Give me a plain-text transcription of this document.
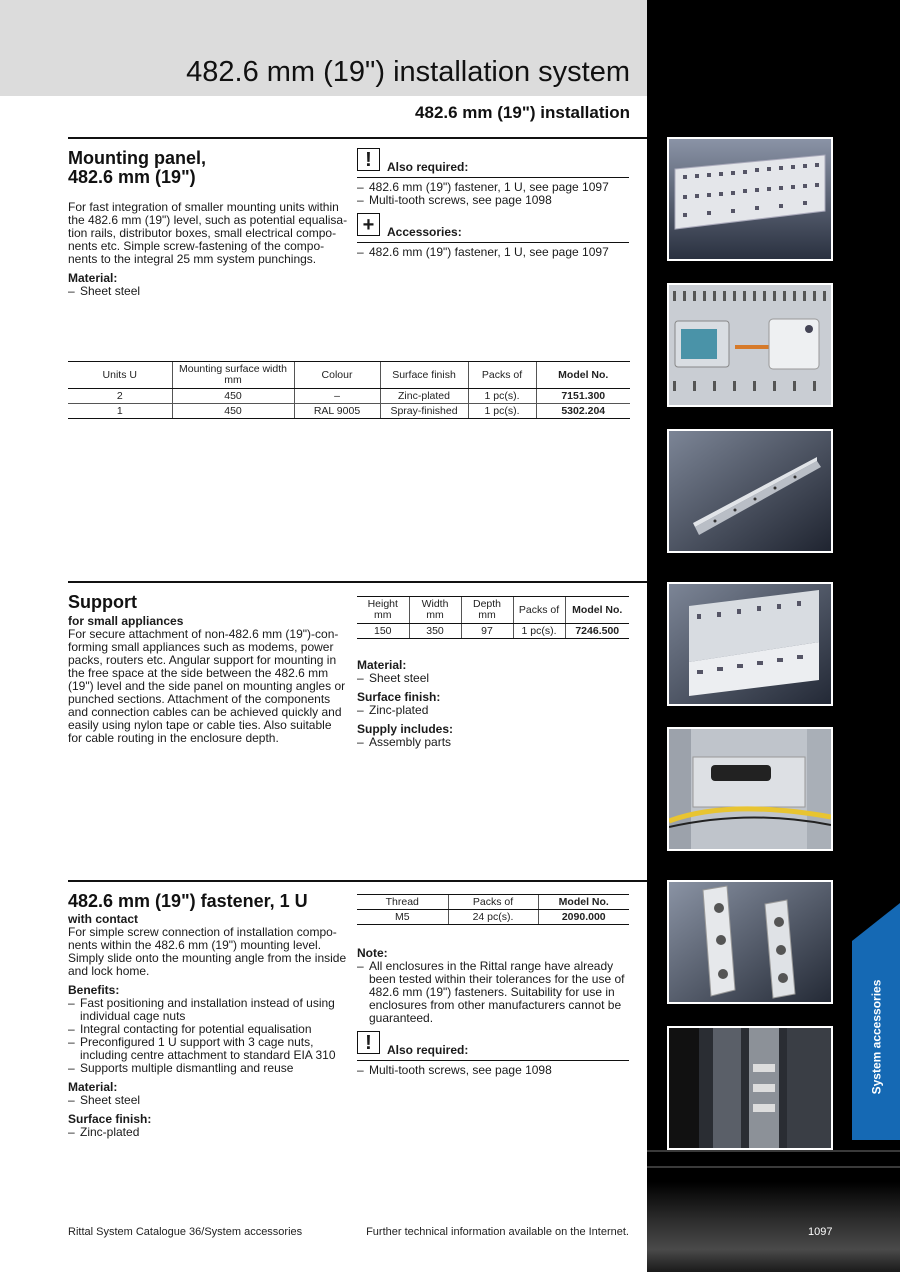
482.6 mm (19") installation system
482.6 mm (19") installation
System accessories
Mounting panel,
482.6 mm (19")
For fast integration of smaller mounting units within
the 482.6 mm (19") level, such as potential equalisa-
tion rails, distributor boxes, small electrical compo-
nents etc. Simple screw-fastening of the compo-
nents to the integral 25 mm system punchings.
Material:
– Sheet steel
!	Also required:
– 482.6 mm (19") fastener, 1 U, see page 1097
– Multi-tooth screws, see page 1098
+	Accessories:
– 482.6 mm (19") fastener, 1 U, see page 1097
Units U	Mounting surface width mm	Colour	Surface finish	Packs of	Model No.
2	450	–	Zinc-plated	1 pc(s).	7151.300
1	450	RAL 9005	Spray-finished	1 pc(s).	5302.204
Support
for small appliances
For secure attachment of non-482.6 mm (19")-con-
forming small appliances such as modems, power
packs, routers etc. Angular support for mounting in
the free space at the side between the 482.6 mm
(19") level and the side panel on mounting angles or
punched sections. Attachment of the components
and connection cables can be achieved quickly and
easily using nylon tape or cable ties. Also suitable
for cable routing in the enclosure depth.
Height mm	Width mm	Depth mm	Packs of	Model No.
150	350	97	1 pc(s).	7246.500
Material:
– Sheet steel
Surface finish:
– Zinc-plated
Supply includes:
– Assembly parts
482.6 mm (19") fastener, 1 U
with contact
For simple screw connection of installation compo-
nents within the 482.6 mm (19") mounting level.
Simply slide onto the mounting angle from the inside
and lock home.
Benefits:
– Fast positioning and installation instead of using
individual cage nuts
– Integral contacting for potential equalisation
– Preconfigured 1 U support with 3 cage nuts,
including centre attachment to standard EIA 310
– Supports multiple dismantling and reuse
Material:
– Sheet steel
Surface finish:
– Zinc-plated
Thread	Packs of	Model No.
M5	24 pc(s).	2090.000
Note:
– All enclosures in the Rittal range have already
been tested within their tolerances for the use of
482.6 mm (19") fasteners. Suitability for use in
enclosures from other manufacturers cannot be
guaranteed.
!	Also required:
– Multi-tooth screws, see page 1098
Rittal System Catalogue 36/System accessories	Further technical information available on the Internet.	1097
